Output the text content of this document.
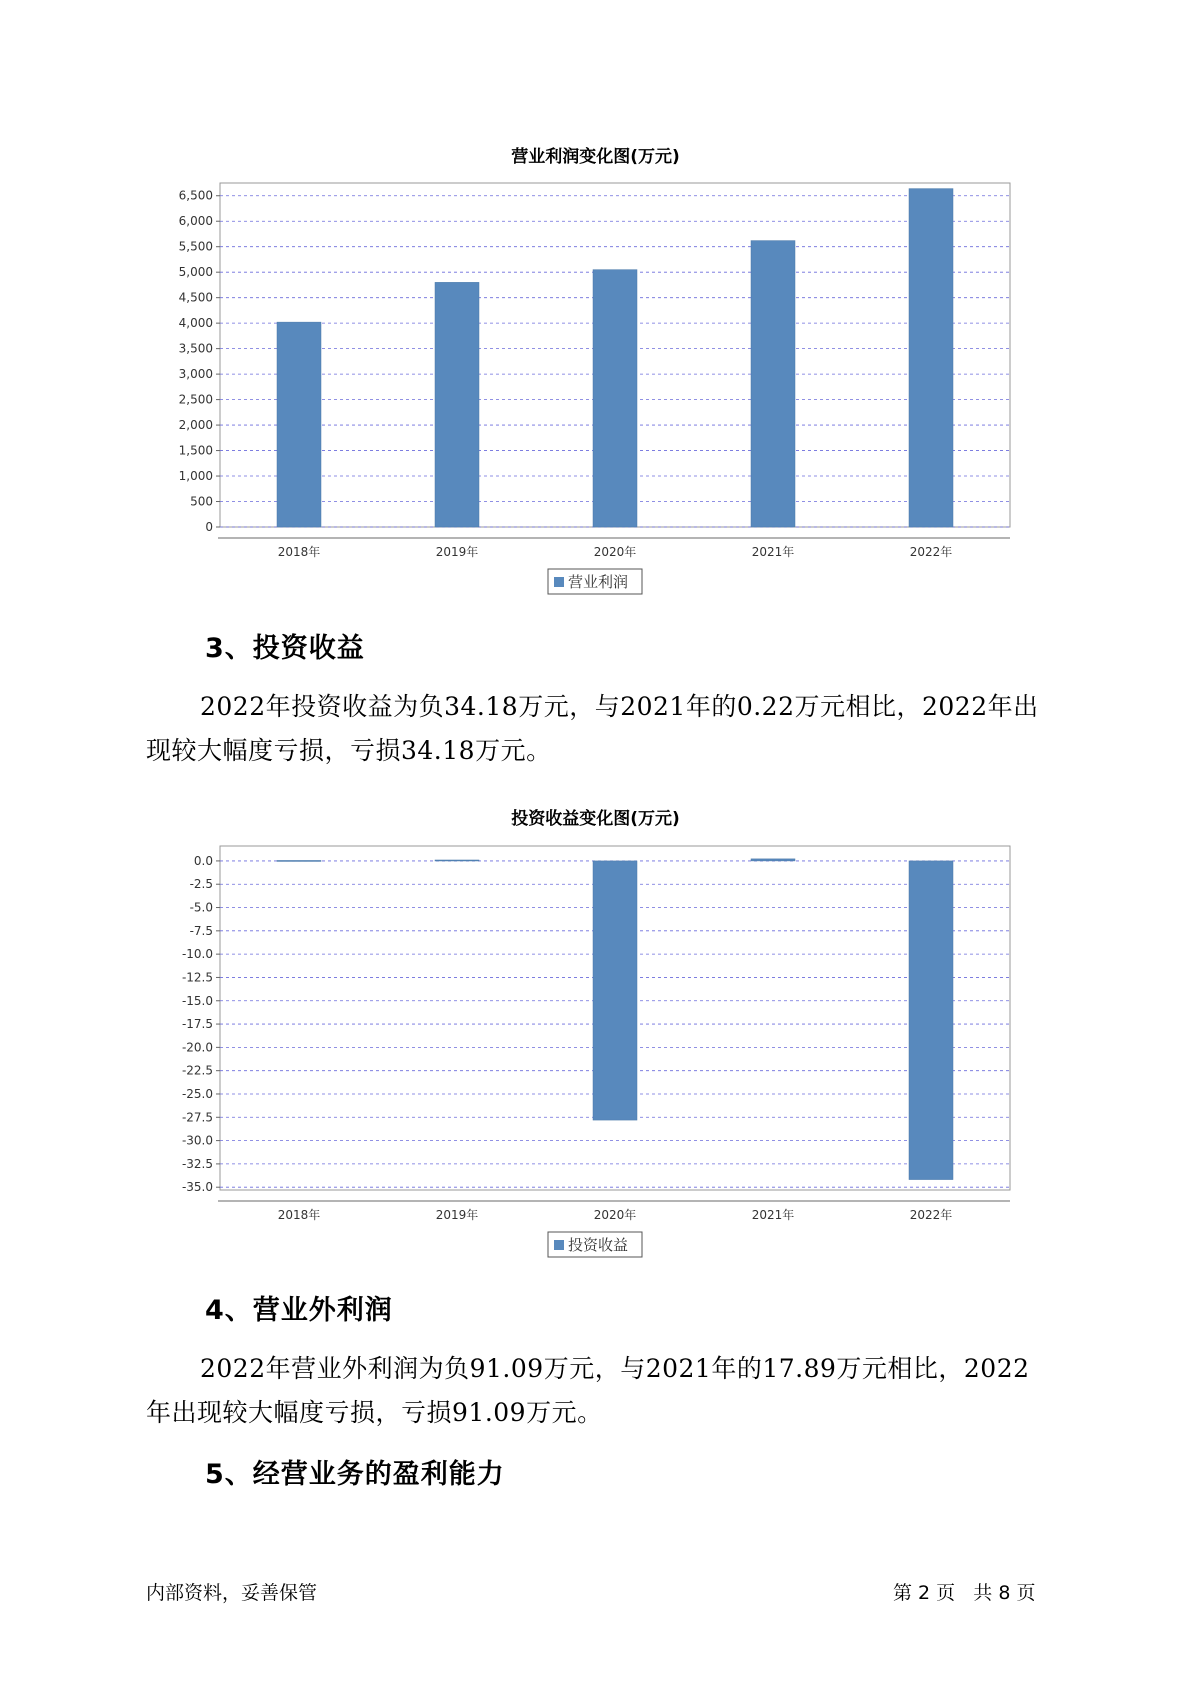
营业利润变化图(万元)
0
500
1,000
1,500
2,000
2,500
3,000
3,500
4,000
4,500
5,000
5,500
6,000
6,500
2018年	2019年	2020年	2021年	2022年
营业利润
3、投资收益
2022年投资收益为负34.18万元，与2021年的0.22万元相比，2022年出
现较大幅度亏损，亏损34.18万元。
投资收益变化图(万元)
0.0
-2.5
-5.0
-7.5
-10.0
-12.5
-15.0
-17.5
-20.0
-22.5
-25.0
-27.5
-30.0
-32.5
-35.0
2018年	2019年	2020年	2021年	2022年
投资收益
4、营业外利润
2022年营业外利润为负91.09万元，与2021年的17.89万元相比，2022
年出现较大幅度亏损，亏损91.09万元。
5、经营业务的盈利能力
内部资料，妥善保管	第 2 页   共 8 页
